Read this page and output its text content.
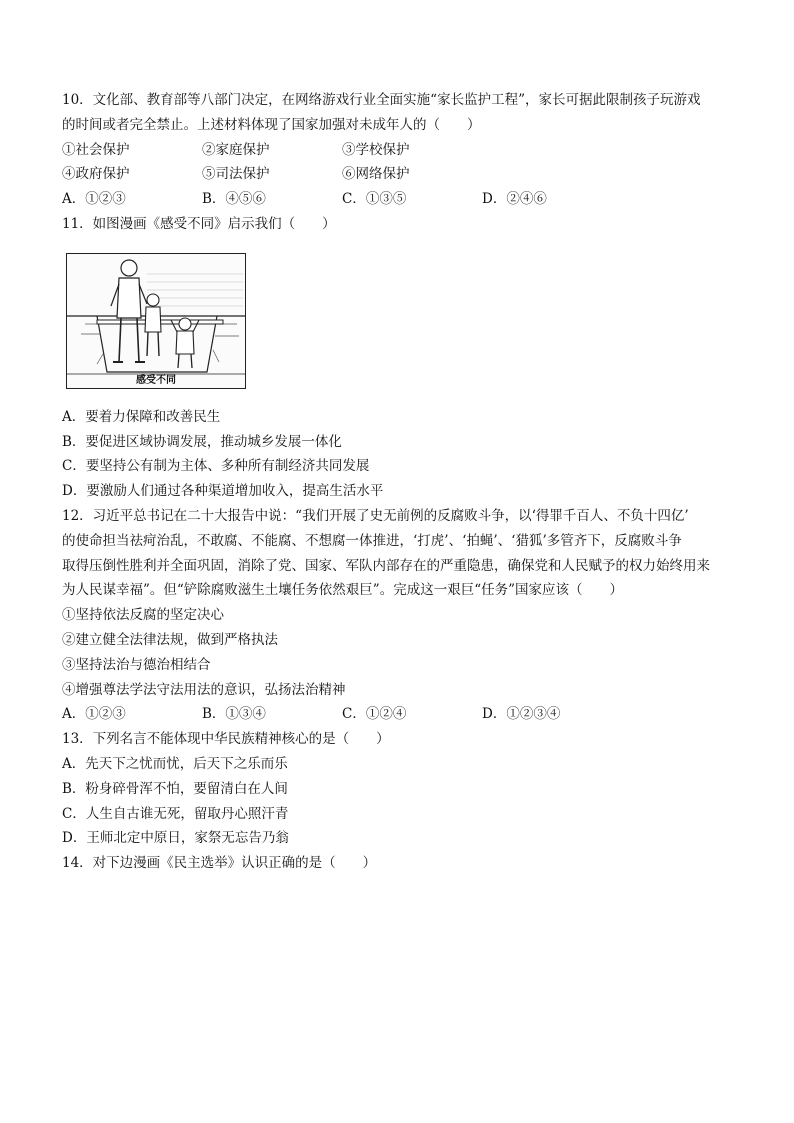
10．文化部、教育部等八部门决定，在网络游戏行业全面实施“家长监护工程”，家长可据此限制孩子玩游戏
的时间或者完全禁止。上述材料体现了国家加强对未成年人的（　　）
①社会保护	②家庭保护	③学校保护
④政府保护	⑤司法保护	⑥网络保护
A．①②③	B．④⑤⑥	C．①③⑤	D．②④⑥
11．如图漫画《感受不同》启示我们（　　）
感受不同
A．要着力保障和改善民生
B．要促进区域协调发展，推动城乡发展一体化
C．要坚持公有制为主体、多种所有制经济共同发展
D．要激励人们通过各种渠道增加收入，提高生活水平
12．习近平总书记在二十大报告中说：“我们开展了史无前例的反腐败斗争，以‘得罪千百人、不负十四亿’
的使命担当祛疴治乱，不敢腐、不能腐、不想腐一体推进，‘打虎’、‘拍蝇’、‘猎狐’多管齐下，反腐败斗争
取得压倒性胜利并全面巩固，消除了党、国家、军队内部存在的严重隐患，确保党和人民赋予的权力始终用来
为人民谋幸福”。但“铲除腐败滋生土壤任务依然艰巨”。完成这一艰巨“任务”国家应该（　　）
①坚持依法反腐的坚定决心
②建立健全法律法规，做到严格执法
③坚持法治与德治相结合
④增强尊法学法守法用法的意识，弘扬法治精神
A．①②③	B．①③④	C．①②④	D．①②③④
13．下列名言不能体现中华民族精神核心的是（　　）
A．先天下之忧而忧，后天下之乐而乐
B．粉身碎骨浑不怕，要留清白在人间
C．人生自古谁无死，留取丹心照汗青
D．王师北定中原日，家祭无忘告乃翁
14．对下边漫画《民主选举》认识正确的是（　　）
